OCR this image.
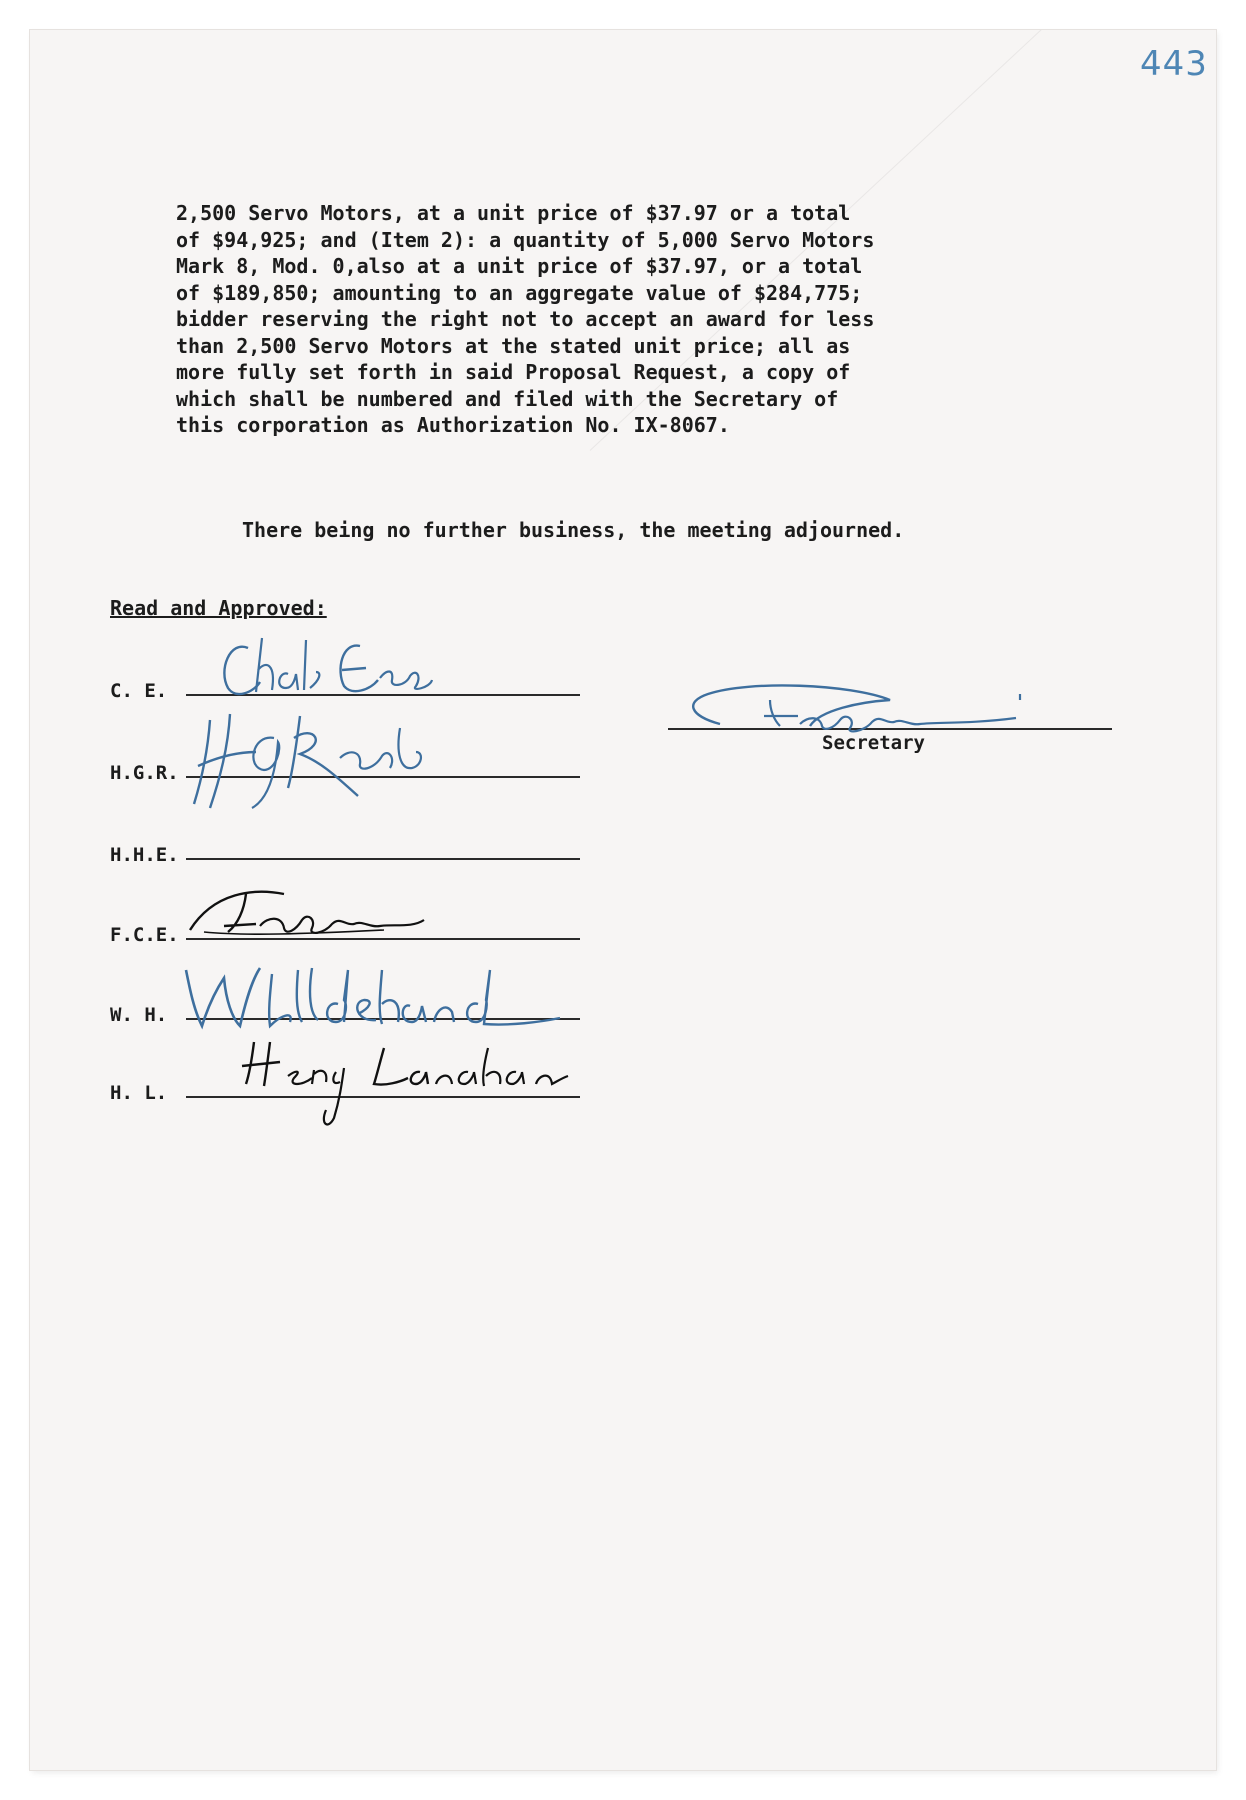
443
2,500 Servo Motors, at a unit price of $37.97 or a total
of $94,925; and (Item 2): a quantity of 5,000 Servo Motors
Mark 8, Mod. 0,also at a unit price of $37.97, or a total
of $189,850; amounting to an aggregate value of $284,775;
bidder reserving the right not to accept an award for less
than 2,500 Servo Motors at the stated unit price; all as
more fully set forth in said Proposal Request, a copy of
which shall be numbered and filed with the Secretary of
this corporation as Authorization No. IX-8067.
There being no further business, the meeting adjourned.
Read and Approved:
C. E.
H.G.R.
H.H.E.
F.C.E.
W. H.
H. L.
Secretary
